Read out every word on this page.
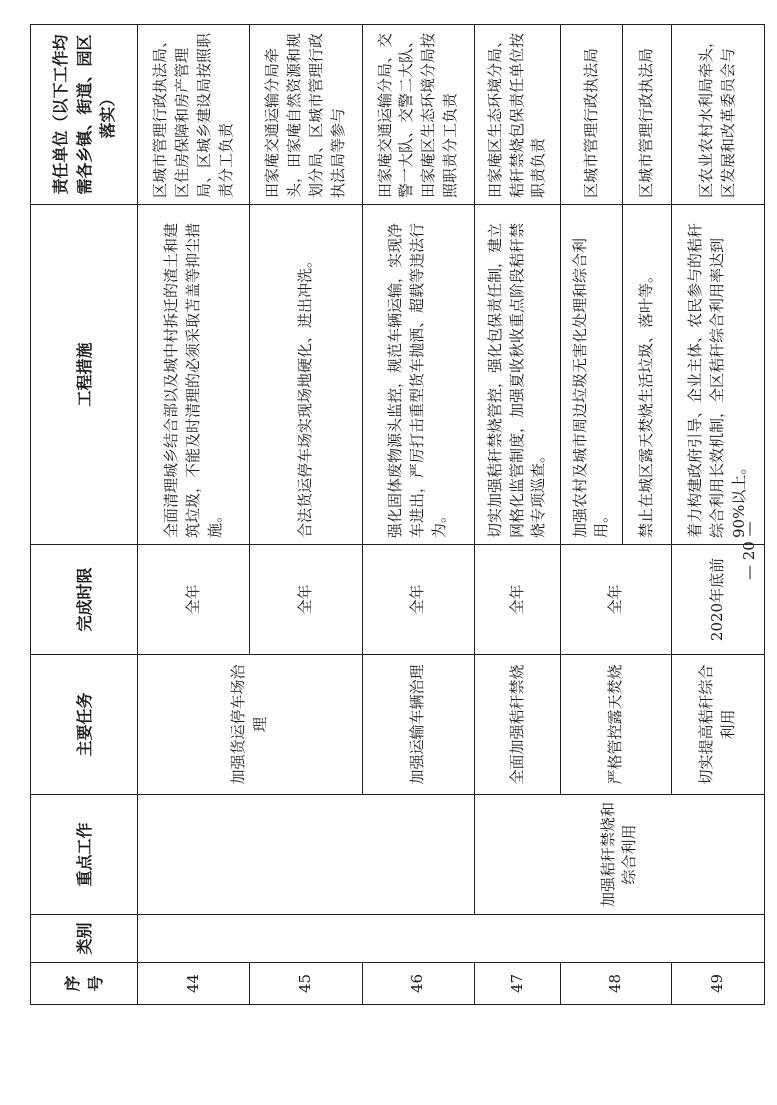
序号	类别	重点工作	主要任务	完成时限	工程措施	责任单位（以下工作均需各乡镇、街道、园区落实）
44			加强货运停车场治理	全年	全面清理城乡结合部以及城中村拆迁的渣土和建筑垃圾，不能及时清理的必须采取苫盖等抑尘措施。	区城市管理行政执法局、区住房保障和房产管理局、区城乡建设局按照职责分工负责
45				全年	合法货运停车场实现场地硬化、进出冲洗。	田家庵交通运输分局牵头，田家庵自然资源和规划分局、区城市管理行政执法局等参与
46			加强运输车辆治理	全年	强化固体废物源头监控，规范车辆运输，实现净车进出，严厉打击重型货车抛洒、超载等违法行为。	田家庵交通运输分局、交警一大队、交警二大队、田家庵区生态环境分局按照职责分工负责
47		加强秸秆禁烧和综合利用	全面加强秸秆禁烧	全年	切实加强秸秆禁烧管控，强化包保责任制，建立网格化监管制度，加强夏收秋收重点阶段秸秆禁烧专项巡查。	田家庵区生态环境分局、秸秆禁烧包保责任单位按职责负责
48			严格管控露天焚烧	全年	加强农村及城市周边垃圾无害化处理和综合利用。	区城市管理行政执法局
					禁止在城区露天焚烧生活垃圾、落叶等。	区城市管理行政执法局
49			切实提高秸秆综合利用	2020年底前	着力构建政府引导、企业主体、农民参与的秸秆综合利用长效机制，全区秸秆综合利用率达到90%以上。	区农业农村水利局牵头，区发展和改革委员会与
— 20 —
